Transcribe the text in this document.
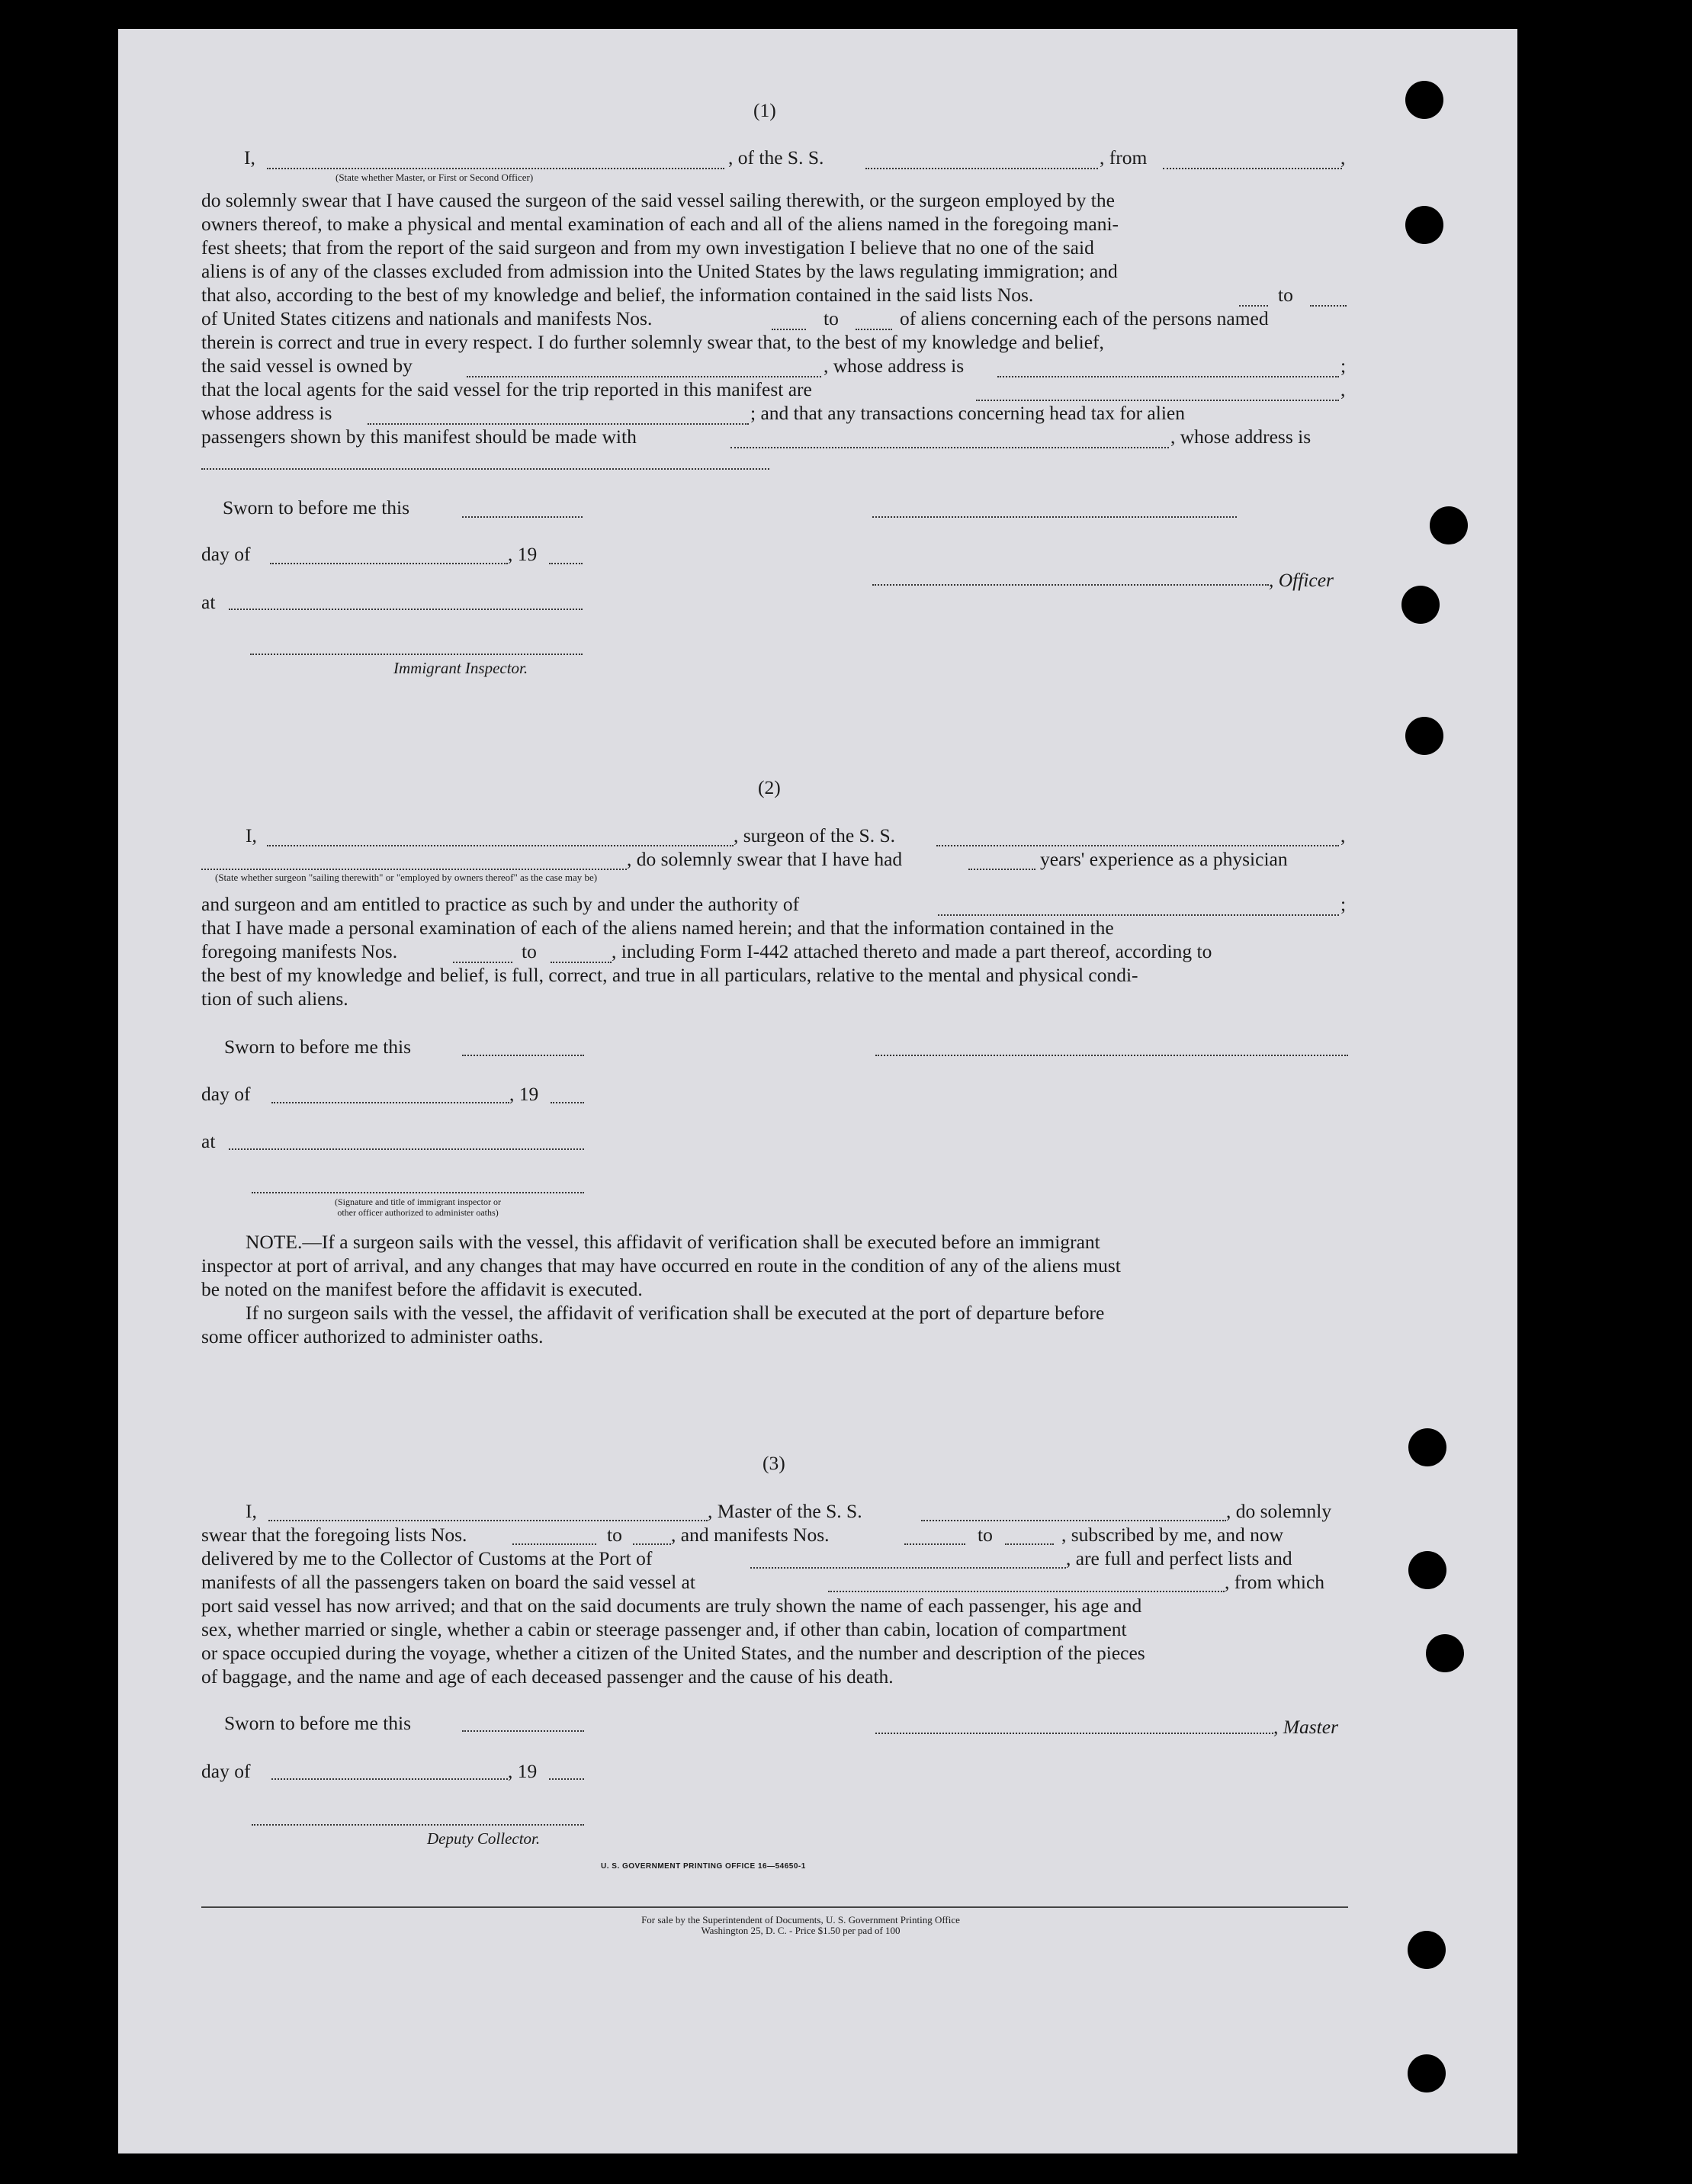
(1)
I,	, of the S. S.	, from	,
(State whether Master, or First or Second Officer)
do solemnly swear that I have caused the surgeon of the said vessel sailing therewith, or the surgeon employed by the
owners thereof, to make a physical and mental examination of each and all of the aliens named in the foregoing mani-
fest sheets; that from the report of the said surgeon and from my own investigation I believe that no one of the said
aliens is of any of the classes excluded from admission into the United States by the laws regulating immigration; and
that also, according to the best of my knowledge and belief, the information contained in the said lists Nos.	to
of United States citizens and nationals and manifests Nos.	to	of aliens concerning each of the persons named
therein is correct and true in every respect. I do further solemnly swear that, to the best of my knowledge and belief,
the said vessel is owned by	, whose address is	;
that the local agents for the said vessel for the trip reported in this manifest are	,
whose address is	; and that any transactions concerning head tax for alien
passengers shown by this manifest should be made with	, whose address is
Sworn to before me this
day of	, 19
, Officer
at
Immigrant Inspector.
(2)
I,	, surgeon of the S. S.	,
, do solemnly swear that I have had	years' experience as a physician
(State whether surgeon "sailing therewith" or "employed by owners thereof" as the case may be)
and surgeon and am entitled to practice as such by and under the authority of	;
that I have made a personal examination of each of the aliens named herein; and that the information contained in the
foregoing manifests Nos.	to	, including Form I-442 attached thereto and made a part thereof, according to
the best of my knowledge and belief, is full, correct, and true in all particulars, relative to the mental and physical condi-
tion of such aliens.
Sworn to before me this
day of	, 19
at
(Signature and title of immigrant inspector or
other officer authorized to administer oaths)
NOTE.—If a surgeon sails with the vessel, this affidavit of verification shall be executed before an immigrant
inspector at port of arrival, and any changes that may have occurred en route in the condition of any of the aliens must
be noted on the manifest before the affidavit is executed.
If no surgeon sails with the vessel, the affidavit of verification shall be executed at the port of departure before
some officer authorized to administer oaths.
(3)
I,	, Master of the S. S.	, do solemnly
swear that the foregoing lists Nos.	to	, and manifests Nos.	to	, subscribed by me, and now
delivered by me to the Collector of Customs at the Port of	, are full and perfect lists and
manifests of all the passengers taken on board the said vessel at	, from which
port said vessel has now arrived; and that on the said documents are truly shown the name of each passenger, his age and
sex, whether married or single, whether a cabin or steerage passenger and, if other than cabin, location of compartment
or space occupied during the voyage, whether a citizen of the United States, and the number and description of the pieces
of baggage, and the name and age of each deceased passenger and the cause of his death.
Sworn to before me this	, Master
day of	, 19
Deputy Collector.
U. S. GOVERNMENT PRINTING OFFICE 16—54650-1
For sale by the Superintendent of Documents, U. S. Government Printing Office
Washington 25, D. C. - Price $1.50 per pad of 100
